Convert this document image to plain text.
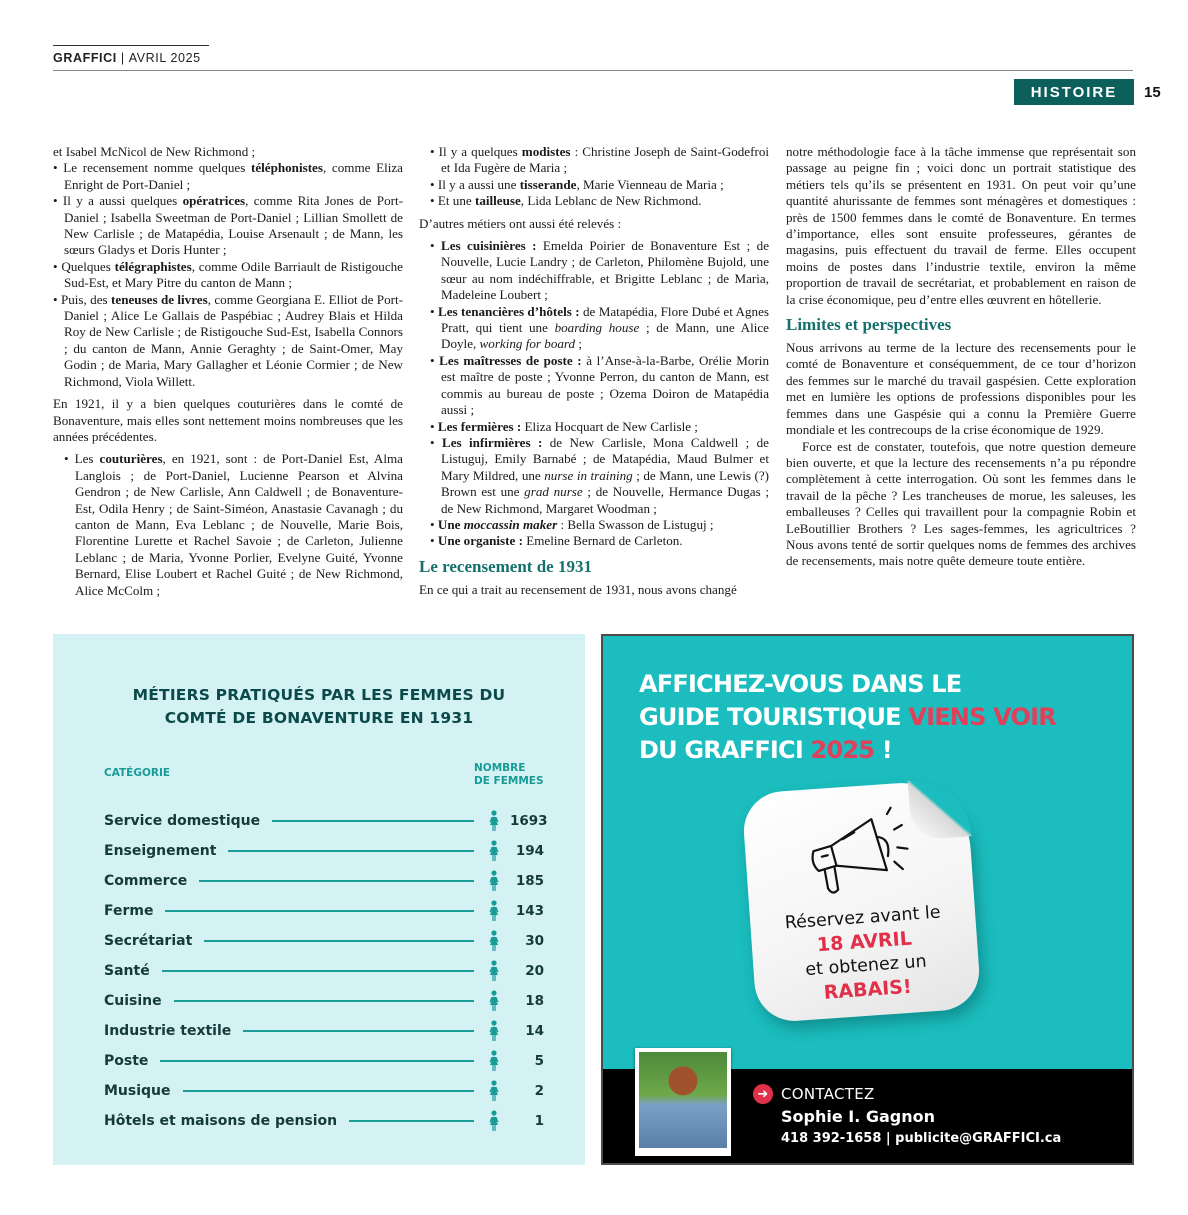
GRAFFICI | AVRIL 2025
HISTOIRE	15

et Isabel McNicol de New Richmond ;

• Le recensement nomme quelques téléphonistes, comme Eliza Enright de Port-Daniel ;

• Il y a aussi quelques opératrices, comme Rita Jones de Port-Daniel ; Isabella Sweetman de Port-Daniel ; Lillian Smollett de New Carlisle ; de Matapédia, Louise Arsenault ; de Mann, les sœurs Gladys et Doris Hunter ;

• Quelques télégraphistes, comme Odile Barriault de Ristigouche Sud-Est, et Mary Pitre du canton de Mann ;

• Puis, des teneuses de livres, comme Georgiana E. Elliot de Port-Daniel ; Alice Le Gallais de Paspébiac ; Audrey Blais et Hilda Roy de New Carlisle ; de Ristigouche Sud-Est, Isabella Connors ; du canton de Mann, Annie Geraghty ; de Saint-Omer, May Godin ; de Maria, Mary Gallagher et Léonie Cormier ; de New Richmond, Viola Willett.

En 1921, il y a bien quelques couturières dans le comté de Bonaventure, mais elles sont nettement moins nombreuses que les années précédentes.

• Les couturières, en 1921, sont : de Port-Daniel Est, Alma Langlois ; de Port-Daniel, Lucienne Pearson et Alvina Gendron ; de New Carlisle, Ann Caldwell ; de Bonaventure-Est, Odila Henry ; de Saint-Siméon, Anastasie Cavanagh ; du canton de Mann, Eva Leblanc ; de Nouvelle, Marie Bois, Florentine Lurette et Rachel Savoie ; de Carleton, Julienne Leblanc ; de Maria, Yvonne Porlier, Evelyne Guité, Yvonne Bernard, Elise Loubert et Rachel Guité ; de New Richmond, Alice McColm ;

• Il y a quelques modistes : Christine Joseph de Saint-Godefroi et Ida Fugère de Maria ;

• Il y a aussi une tisserande, Marie Vienneau de Maria ;

• Et une tailleuse, Lida Leblanc de New Richmond.

D’autres métiers ont aussi été relevés :

• Les cuisinières : Emelda Poirier de Bonaventure Est ; de Nouvelle, Lucie Landry ; de Carleton, Philomène Bujold, une sœur au nom indéchiffrable, et Brigitte Leblanc ; de Maria, Madeleine Loubert ;

• Les tenancières d’hôtels : de Matapédia, Flore Dubé et Agnes Pratt, qui tient une boarding house ; de Mann, une Alice Doyle, working for board ;

• Les maîtresses de poste : à l’Anse-à-la-Barbe, Orélie Morin est maître de poste ; Yvonne Perron, du canton de Mann, est commis au bureau de poste ; Ozema Doiron de Matapédia aussi ;

• Les fermières : Eliza Hocquart de New Carlisle ;

• Les infirmières : de New Carlisle, Mona Caldwell ; de Listuguj, Emily Barnabé ; de Matapédia, Maud Bulmer et Mary Mildred, une nurse in training ; de Mann, une Lewis (?) Brown est une grad nurse ; de Nouvelle, Hermance Dugas ; de New Richmond, Margaret Woodman ;

• Une moccassin maker : Bella Swasson de Listuguj ;

• Une organiste : Emeline Bernard de Carleton.

Le recensement de 1931

En ce qui a trait au recensement de 1931, nous avons changé

notre méthodologie face à la tâche immense que représentait son passage au peigne fin ; voici donc un portrait statistique des métiers tels qu’ils se présentent en 1931. On peut voir qu’une quantité ahurissante de femmes sont ménagères et domestiques : près de 1500 femmes dans le comté de Bonaventure. En termes d’importance, elles sont ensuite professeures, gérantes de magasins, puis effectuent du travail de ferme. Elles occupent moins de postes dans l’industrie textile, environ la même proportion de travail de secrétariat, et probablement en raison de la crise économique, peu d’entre elles œuvrent en hôtellerie.

Limites et perspectives

Nous arrivons au terme de la lecture des recensements pour le comté de Bonaventure et conséquemment, de ce tour d’horizon des femmes sur le marché du travail gaspésien. Cette exploration met en lumière les options de professions disponibles pour les femmes dans une Gaspésie qui a connu la Première Guerre mondiale et les contrecoups de la crise économique de 1929.

Force est de constater, toutefois, que notre question demeure bien ouverte, et que la lecture des recensements n’a pu répondre complètement à cette interrogation. Où sont les femmes dans le travail de la pêche ? Les trancheuses de morue, les saleuses, les emballeuses ? Celles qui travaillent pour la compagnie Robin et LeBoutillier Brothers ? Les sages-femmes, les agricultrices ? Nous avons tenté de sortir quelques noms de femmes des archives de recensements, mais notre quête demeure toute entière.

MÉTIERS PRATIQUÉS PAR LES FEMMES DU
COMTÉ DE BONAVENTURE EN 1931
CATÉGORIE	NOMBRE
DE FEMMES
Service domestique	1693
Enseignement	194
Commerce	185
Ferme	143
Secrétariat	30
Santé	20
Cuisine	18
Industrie textile	14
Poste	5
Musique	2
Hôtels et maisons de pension	1
AFFICHEZ-VOUS DANS LE
GUIDE TOURISTIQUE VIENS VOIR
DU GRAFFICI 2025 !
Réservez avant le
18 AVRIL
et obtenez un
RABAIS!
➜ CONTACTEZ
Sophie I. Gagnon
418 392-1658 | publicite@GRAFFICI.ca
